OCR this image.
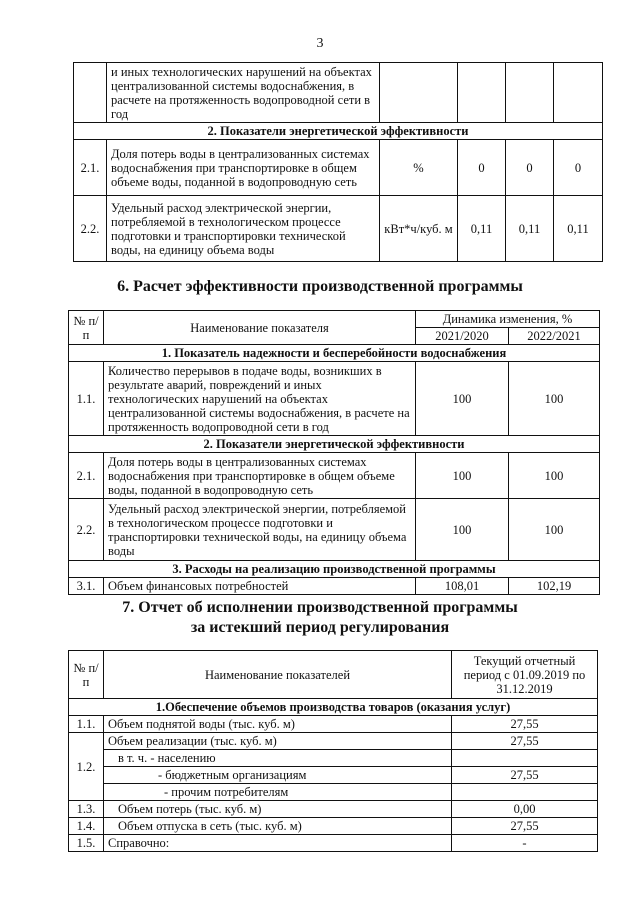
3
	и иных технологических нарушений на объектах централизованной системы водоснабжения, в расчете на протяженность водопроводной сети в год				
2. Показатели энергетической эффективности					
2.1.	Доля потерь воды в централизованных системах водоснабжения при транспортировке в общем объеме воды, поданной в водопроводную сеть	%	0	0	0
2.2.	Удельный расход электрической энергии, потребляемой в технологическом процессе подготовки и транспортировки технической воды, на единицу объема воды	кВт*ч/куб. м	0,11	0,11	0,11
6. Расчет эффективности производственной программы
№ п/п	Наименование показателя	Динамика изменения, %	
		2021/2020	2022/2021
1. Показатель надежности и бесперебойности водоснабжения			
1.1.	Количество перерывов в подаче воды, возникших в результате аварий, повреждений и иных технологических нарушений на объектах централизованной системы водоснабжения, в расчете на протяженность водопроводной сети в год	100	100
2. Показатели энергетической эффективности			
2.1.	Доля потерь воды в централизованных системах водоснабжения при транспортировке в общем объеме воды, поданной в водопроводную сеть	100	100
2.2.	Удельный расход электрической энергии, потребляемой в технологическом процессе подготовки и транспортировки технической воды, на единицу объема воды	100	100
3. Расходы на реализацию производственной программы			
3.1.	Объем финансовых потребностей	108,01	102,19
7. Отчет об исполнении производственной программы
за истекший период регулирования
№ п/п	Наименование показателей	Текущий отчетный период с 01.09.2019 по 31.12.2019
1.Обеспечение объемов производства товаров (оказания услуг)		
1.1.	Объем поднятой воды (тыс. куб. м)	27,55
1.2.	Объем реализации (тыс. куб. м)	27,55
	в т. ч. - населению	
	- бюджетным организациям	27,55
	- прочим потребителям	
1.3.	Объем потерь (тыс. куб. м)	0,00
1.4.	Объем отпуска в сеть (тыс. куб. м)	27,55
1.5.	Справочно:	-
